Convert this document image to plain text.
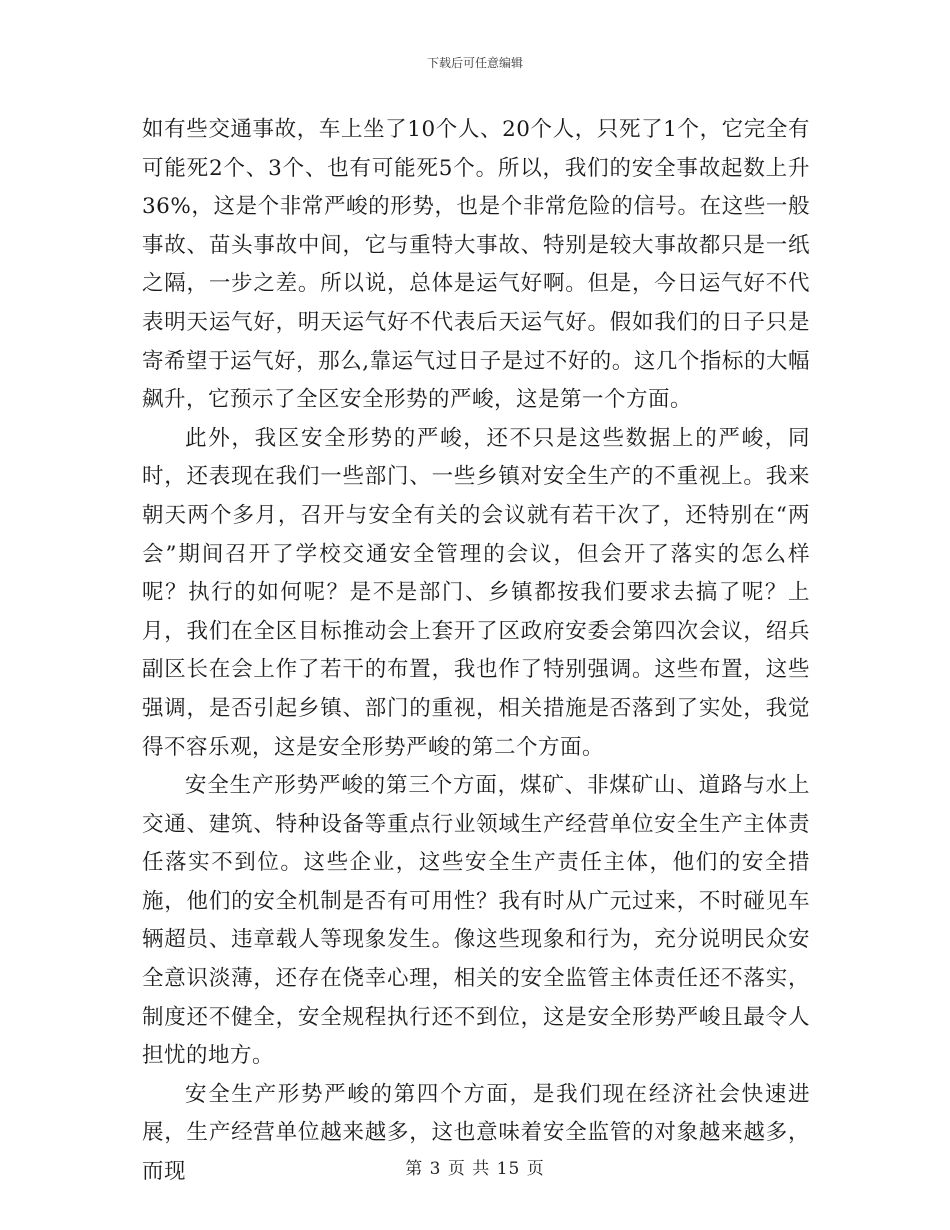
下载后可任意编辑

如有些交通事故，车上坐了10个人、20个人，只死了1个，它完全有可能死2个、3个、也有可能死5个。所以，我们的安全事故起数上升36%，这是个非常严峻的形势，也是个非常危险的信号。在这些一般事故、苗头事故中间，它与重特大事故、特别是较大事故都只是一纸之隔，一步之差。所以说，总体是运气好啊。但是，今日运气好不代表明天运气好，明天运气好不代表后天运气好。假如我们的日子只是寄希望于运气好，那么,靠运气过日子是过不好的。这几个指标的大幅飙升，它预示了全区安全形势的严峻，这是第一个方面。

此外，我区安全形势的严峻，还不只是这些数据上的严峻，同时，还表现在我们一些部门、一些乡镇对安全生产的不重视上。我来朝天两个多月，召开与安全有关的会议就有若干次了，还特别在“两会”期间召开了学校交通安全管理的会议，但会开了落实的怎么样呢？执行的如何呢？是不是部门、乡镇都按我们要求去搞了呢？上月，我们在全区目标推动会上套开了区政府安委会第四次会议，绍兵副区长在会上作了若干的布置，我也作了特别强调。这些布置，这些强调，是否引起乡镇、部门的重视，相关措施是否落到了实处，我觉得不容乐观，这是安全形势严峻的第二个方面。

安全生产形势严峻的第三个方面，煤矿、非煤矿山、道路与水上交通、建筑、特种设备等重点行业领域生产经营单位安全生产主体责任落实不到位。这些企业，这些安全生产责任主体，他们的安全措施，他们的安全机制是否有可用性？我有时从广元过来，不时碰见车辆超员、违章载人等现象发生。像这些现象和行为，充分说明民众安全意识淡薄，还存在侥幸心理，相关的安全监管主体责任还不落实，制度还不健全，安全规程执行还不到位，这是安全形势严峻且最令人担忧的地方。

安全生产形势严峻的第四个方面，是我们现在经济社会快速进展，生产经营单位越来越多，这也意味着安全监管的对象越来越多，而现	第 3 页 共 15 页
